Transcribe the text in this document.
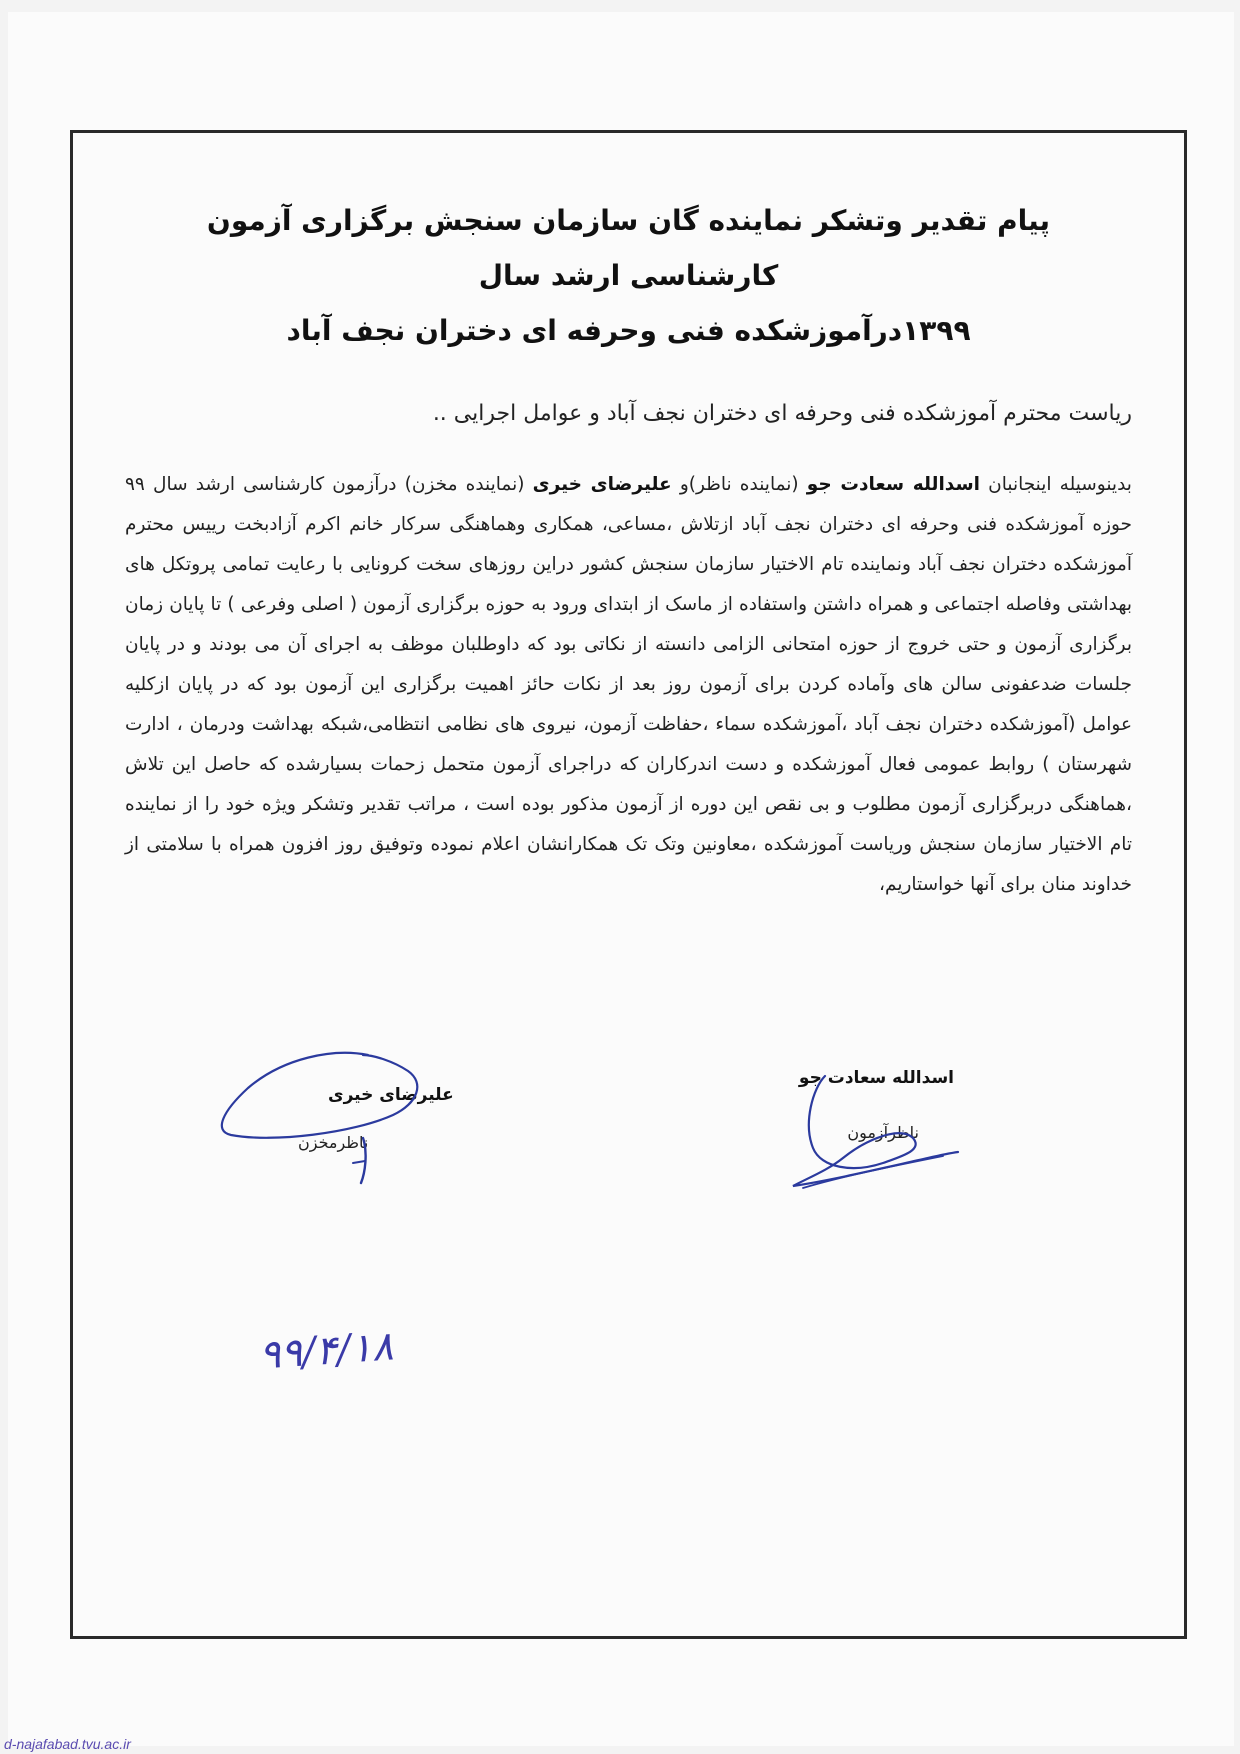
پیام تقدیر وتشکر نماینده گان سازمان سنجش برگزاری آزمون کارشناسی ارشد سال
۱۳۹۹درآموزشکده فنی وحرفه ای دختران نجف آباد

ریاست محترم آموزشکده فنی وحرفه ای دختران نجف آباد و عوامل اجرایی ..

بدینوسیله اینجانبان اسدالله سعادت جو (نماینده ناظر)و علیرضای خیری (نماینده مخزن) درآزمون کارشناسی ارشد سال ۹۹ حوزه آموزشکده فنی وحرفه ای دختران نجف آباد ازتلاش ،مساعی، همکاری وهماهنگی سرکار خانم اکرم آزادبخت رییس محترم آموزشکده دختران نجف آباد ونماینده تام الاختیار سازمان سنجش کشور دراین روزهای سخت کرونایی با رعایت تمامی پروتکل های بهداشتی وفاصله اجتماعی و همراه داشتن واستفاده از ماسک از ابتدای ورود به حوزه برگزاری آزمون ( اصلی وفرعی ) تا پایان زمان برگزاری آزمون و حتی خروج از حوزه امتحانی الزامی دانسته از نکاتی بود که داوطلبان موظف به اجرای آن می بودند و در پایان جلسات ضدعفونی سالن های وآماده کردن برای آزمون روز بعد از نکات حائز اهمیت برگزاری این آزمون بود که در پایان ازکلیه عوامل (آموزشکده دختران نجف آباد ،آموزشکده سماء ،حفاظت آزمون، نیروی های نظامی انتظامی،شبکه بهداشت ودرمان ، ادارت شهرستان ) روابط عمومی فعال آموزشکده و دست اندرکاران که دراجرای آزمون متحمل زحمات بسیارشده که حاصل این تلاش ،هماهنگی دربرگزاری آزمون مطلوب و بی نقص این دوره از آزمون مذکور بوده است ، مراتب تقدیر وتشکر ویژه خود را از نماینده تام الاختیار سازمان سنجش وریاست آموزشکده ،معاونین وتک تک همکارانشان اعلام نموده وتوفیق روز افزون همراه با سلامتی از خداوند منان برای آنها خواستاریم،

اسدالله سعادت جو

ناظرآزمون

علیرضای خیری

ناظرمخزن

۹۹/۴/۱۸

d-najafabad.tvu.ac.ir
